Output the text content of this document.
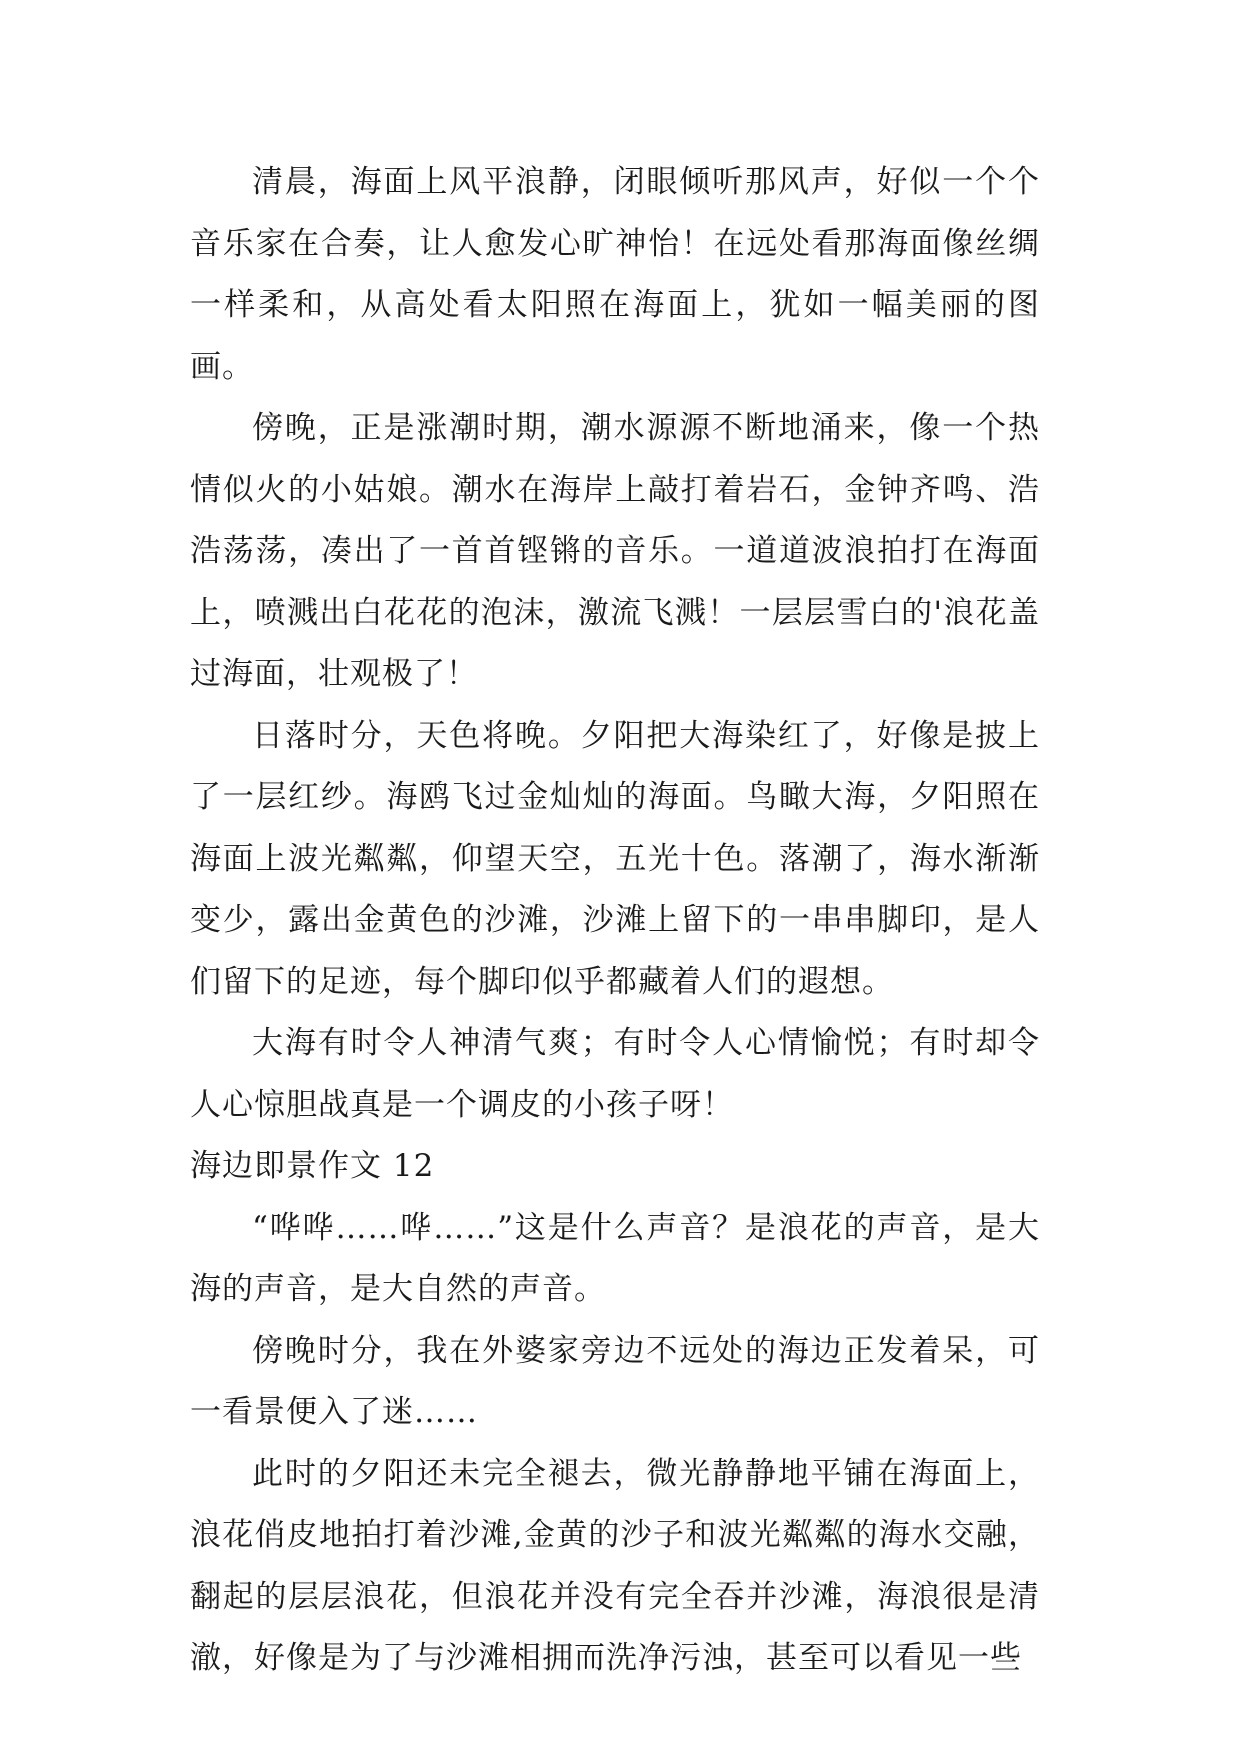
清晨，海面上风平浪静，闭眼倾听那风声，好似一个个音乐家在合奏，让人愈发心旷神怡！在远处看那海面像丝绸一样柔和，从高处看太阳照在海面上，犹如一幅美丽的图画。

傍晚，正是涨潮时期，潮水源源不断地涌来，像一个热情似火的小姑娘。潮水在海岸上敲打着岩石，金钟齐鸣、浩浩荡荡，凑出了一首首铿锵的音乐。一道道波浪拍打在海面上，喷溅出白花花的泡沫，激流飞溅！一层层雪白的'浪花盖过海面，壮观极了！

日落时分，天色将晚。夕阳把大海染红了，好像是披上了一层红纱。海鸥飞过金灿灿的海面。鸟瞰大海，夕阳照在海面上波光粼粼，仰望天空，五光十色。落潮了，海水渐渐变少，露出金黄色的沙滩，沙滩上留下的一串串脚印，是人们留下的足迹，每个脚印似乎都藏着人们的遐想。

大海有时令人神清气爽；有时令人心情愉悦；有时却令人心惊胆战真是一个调皮的小孩子呀！

海边即景作文 12

“哗哗……哗……”这是什么声音？是浪花的声音，是大海的声音，是大自然的声音。

傍晚时分，我在外婆家旁边不远处的海边正发着呆，可一看景便入了迷……

此时的夕阳还未完全褪去，微光静静地平铺在海面上，浪花俏皮地拍打着沙滩,金黄的沙子和波光粼粼的海水交融，翻起的层层浪花，但浪花并没有完全吞并沙滩，海浪很是清澈，好像是为了与沙滩相拥而洗净污浊，甚至可以看见一些
